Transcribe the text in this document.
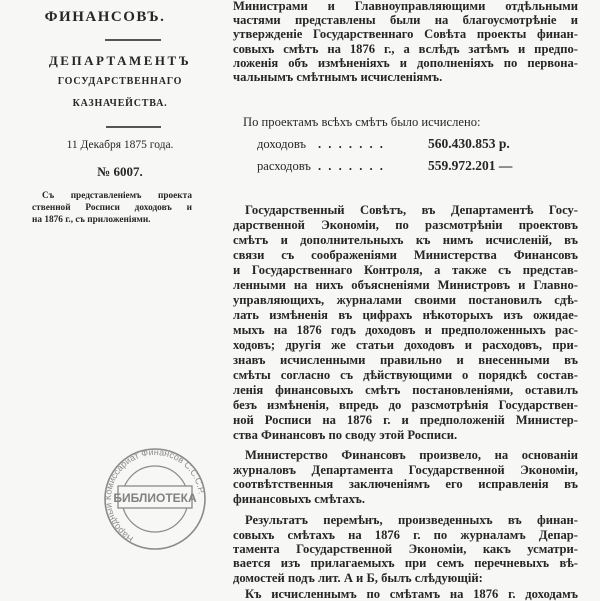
ФИНАНСОВЪ.
ДЕПАРТАМЕНТЪ
ГОСУДАРСТВЕННАГО
КАЗНАЧЕЙСТВА.
11 Декабря 1875 года.
№ 6007.
Съ представленіемъ проекта
ственной Росписи доходовъ и
на 1876 г., съ приложеніями.
Народный Комиссариат Финансов С.С.С.Р.
БИБЛИОТЕКА
Министрами и Главноуправляющими отдѣльными
частями представлены были на благоусмотрѣніе и
утвержденіе Государственнаго Совѣта проекты финан-
совыхъ смѣтъ на 1876 г., а вслѣдъ затѣмъ и предпо-
ложенія объ измѣненіяхъ и дополненіяхъ по первона-
чальнымъ смѣтнымъ исчисленіямъ.
Государственный Совѣтъ, въ Департаментѣ Госу-
дарственной Экономіи, по разсмотрѣніи проектовъ
смѣтъ и дополнительныхъ къ нимъ исчисленій, въ
связи съ соображеніями Министерства Финансовъ
и Государственнаго Контроля, а также съ представ-
ленными на нихъ объясненіями Министровъ и Главно-
управляющихъ, журналами своими постановилъ сдѣ-
лать измѣненія въ цифрахъ нѣкоторыхъ изъ ожидае-
мыхъ на 1876 годъ доходовъ и предположенныхъ рас-
ходовъ; другія же статьи доходовъ и расходовъ, при-
знавъ исчисленными правильно и внесенными въ
смѣты согласно съ дѣйствующими о порядкѣ состав-
ленія финансовыхъ смѣтъ постановленіями, оставилъ
безъ измѣненія, впредь до разсмотрѣнія Государствен-
ной Росписи на 1876 г. и предположеній Министер-
ства Финансовъ по своду этой Росписи.
Министерство Финансовъ произвело, на основаніи
журналовъ Департамента Государственной Экономіи,
соотвѣтственныя заключеніямъ его исправленія въ
финансовыхъ смѣтахъ.
Результатъ перемѣнъ, произведенныхъ въ финан-
совыхъ смѣтахъ на 1876 г. по журналамъ Депар-
тамента Государственной Экономіи, какъ усматри-
вается изъ прилагаемыхъ при семъ перечневыхъ вѣ-
домостей подъ лит. А и Б, былъ слѣдующій:
Къ исчисленнымъ по смѣтамъ на 1876 г. доходамъ
По проектамъ всѣхъ смѣтъ было исчислено:
доходовъ . . . . . . .	560.430.853 р.
расходовъ . . . . . . .	559.972.201 —
